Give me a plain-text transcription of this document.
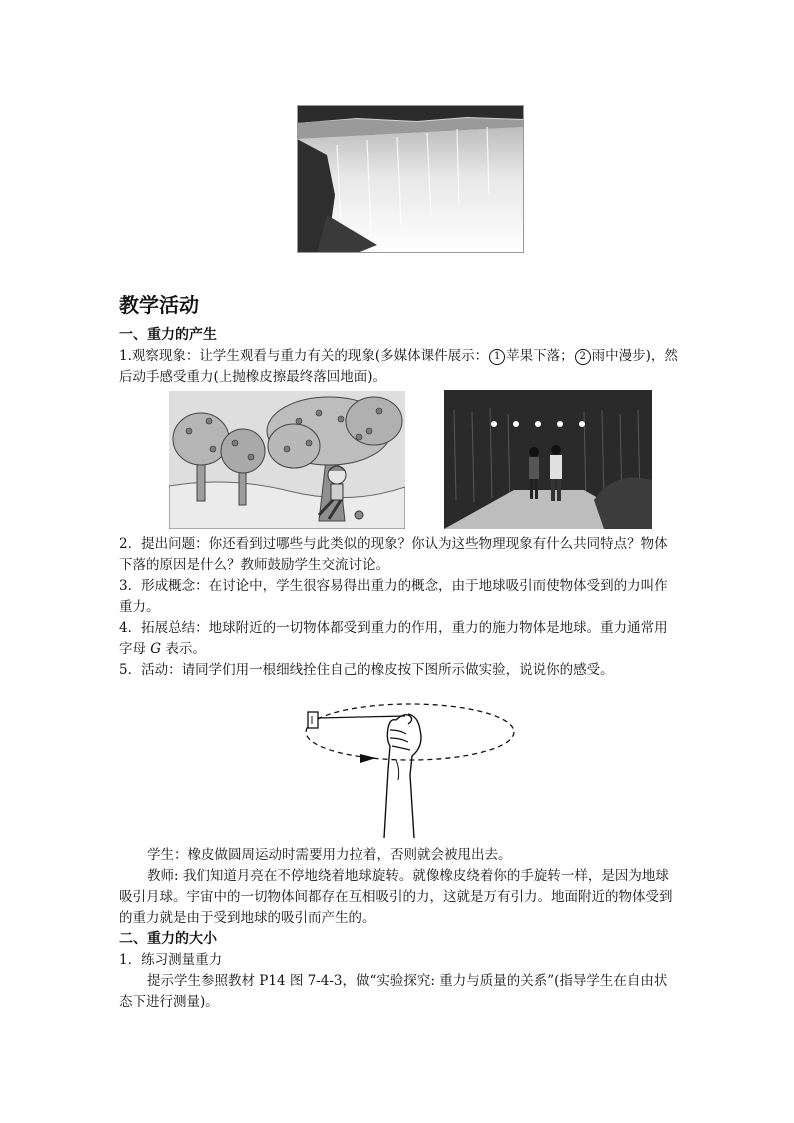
教学活动
一、重力的产生
1.观察现象：让学生观看与重力有关的现象(多媒体课件展示： 1 苹果下落； 2 雨中漫步)，然后动手感受重力(上抛橡皮擦最终落回地面)。
2．提出问题：你还看到过哪些与此类似的现象？你认为这些物理现象有什么共同特点？物体下落的原因是什么？教师鼓励学生交流讨论。
3．形成概念：在讨论中，学生很容易得出重力的概念，由于地球吸引而使物体受到的力叫作重力。
4．拓展总结：地球附近的一切物体都受到重力的作用，重力的施力物体是地球。重力通常用字母 G 表示。
5．活动：请同学们用一根细线拴住自己的橡皮按下图所示做实验，说说你的感受。
学生：橡皮做圆周运动时需要用力拉着，否则就会被甩出去。
教师: 我们知道月亮在不停地绕着地球旋转。就像橡皮绕着你的手旋转一样，是因为地球吸引月球。宇宙中的一切物体间都存在互相吸引的力，这就是万有引力。地面附近的物体受到的重力就是由于受到地球的吸引而产生的。
二、重力的大小
1．练习测量重力
提示学生参照教材 P14 图 7-4-3，做“实验探究: 重力与质量的关系”(指导学生在自由状态下进行测量)。
